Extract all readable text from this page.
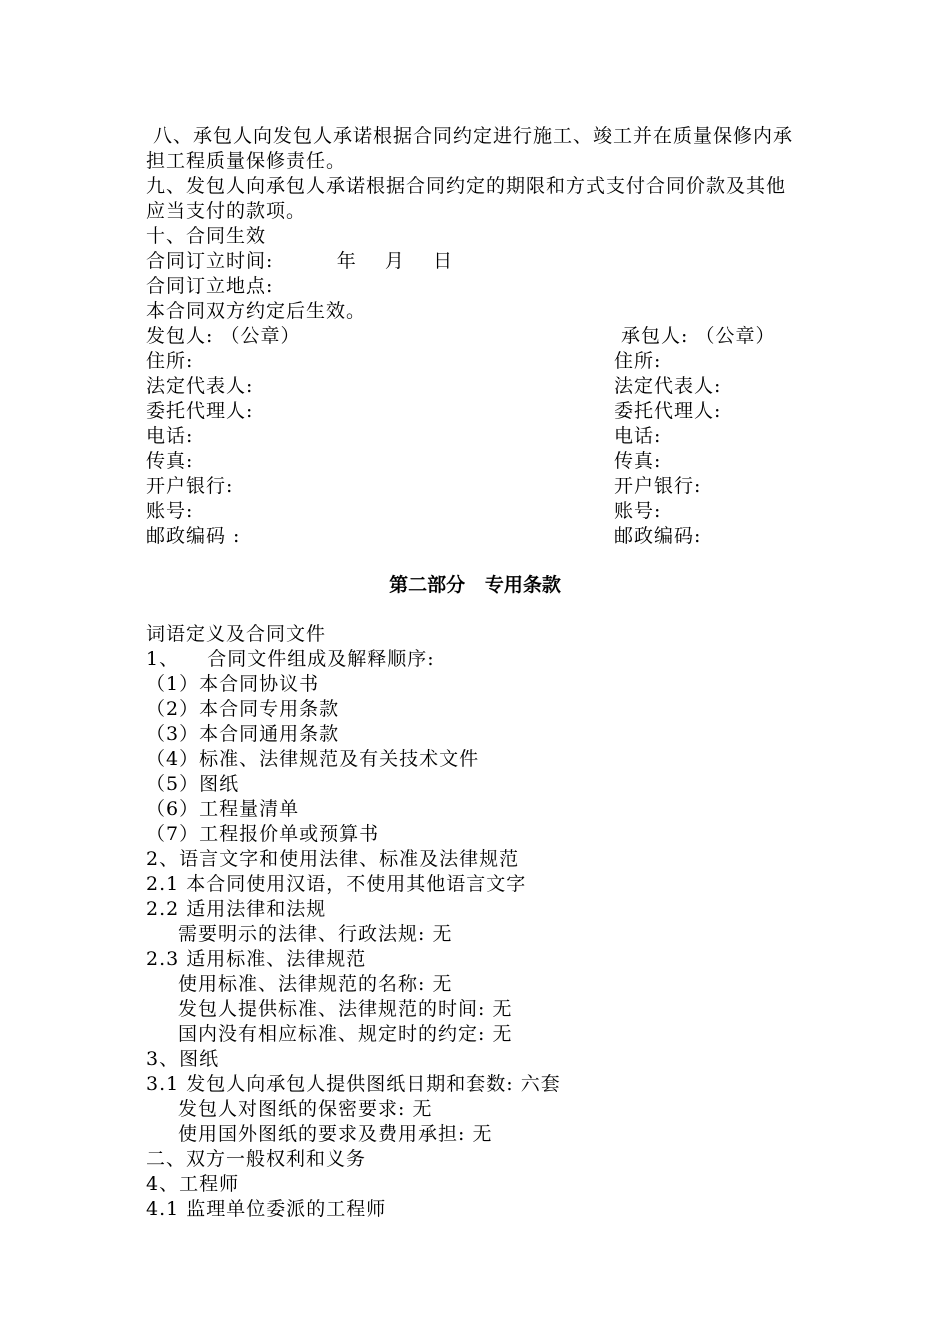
八、承包人向发包人承诺根据合同约定进行施工、竣工并在质量保修内承
担工程质量保修责任。
九、发包人向承包人承诺根据合同约定的期限和方式支付合同价款及其他
应当支付的款项。
十、合同生效
合同订立时间:         年    月    日
合同订立地点:
本合同双方约定后生效。
发包人: （公章）
住所:
法定代表人:
委托代理人:
电话:
传真:
开户银行:
账号:
邮政编码 :
承包人: （公章）
住所:
法定代表人:
委托代理人:
电话:
传真:
开户银行:
账号:
邮政编码:
第二部分   专用条款
词语定义及合同文件
1、    合同文件组成及解释顺序:
（1）本合同协议书
（2）本合同专用条款
（3）本合同通用条款
（4）标准、法律规范及有关技术文件
（5）图纸
（6）工程量清单
（7）工程报价单或预算书
2、语言文字和使用法律、标准及法律规范
2.1 本合同使用汉语，不使用其他语言文字
2.2 适用法律和法规
需要明示的法律、行政法规: 无
2.3 适用标准、法律规范
使用标准、法律规范的名称: 无
发包人提供标准、法律规范的时间: 无
国内没有相应标准、规定时的约定: 无
3、图纸
3.1 发包人向承包人提供图纸日期和套数: 六套
发包人对图纸的保密要求: 无
使用国外图纸的要求及费用承担: 无
二、双方一般权利和义务
4、工程师
4.1 监理单位委派的工程师
